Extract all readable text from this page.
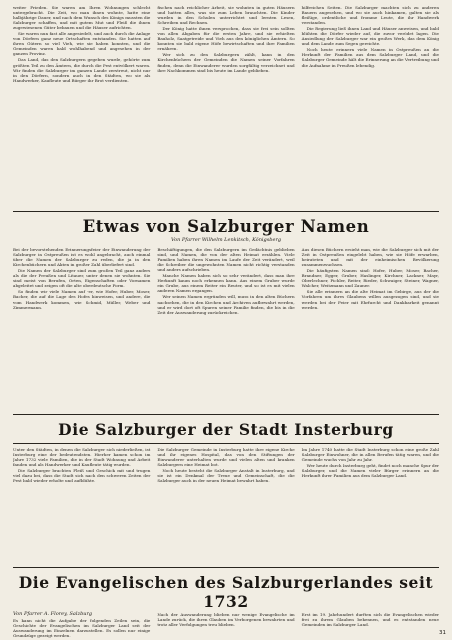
weiter Frieden. Sie waren am Ihren Wohnungen schlecht untergebracht. Die Zeit, wo man ihnen wohnte, hatte eine halbjährige Dauer, und nach dem Wunsch des Königs mussten die Salzburger schaffen, und mit gutem Mut und Fleiß die ihnen zugewiesenen Güter bebauen und die Häuser aufrichten.

Sie waren nun fast alle angesiedelt, und auch durch die Anlage von Dörfern ganz neue Ortschaften entstanden. Sie hatten auf ihren Gütern so viel Vieh, wie sie haben konnten, und die Gemeinden waren bald wohlhabend und angesehen in der ganzen Provinz.

Das Land, das den Salzburgern gegeben wurde, gehörte zum größten Teil zu den Ämtern, die durch die Pest entvölkert waren. Wir finden die Salzburger im ganzen Lande zerstreut, nicht nur in den Dörfern, sondern auch in den Städten, wo sie als Handwerker, Kaufleute und Bürger ihr Brot verdienten.

fischen nach reichlicher Arbeit, sie wohnten in guten Häusern und hatten alles, was sie zum Leben brauchten. Die Kinder wurden in den Schulen unterrichtet und lernten Lesen, Schreiben und Rechnen.

Der König hatte ihnen versprochen, dass sie frei sein sollten von allen Abgaben für die ersten Jahre, und sie erhielten Bauholz, Saatgetreide und Vieh aus den königlichen Ämtern. So konnten sie bald eigene Höfe bewirtschaften und ihre Familien ernähren.

Wer sich zu den Salzburgern zählt, kann in den Kirchenbüchern der Gemeinden die Namen seiner Vorfahren finden, denn die Einwanderer wurden sorgfältig verzeichnet und ihre Nachkommen sind bis heute im Lande geblieben.

hilfreichen Seiten. Die Salzburger machten sich zu anderen Bauern angesehen, und wo sie auch hinkamen, galten sie als fleißige, ordentliche und fromme Leute, die ihr Handwerk verstanden.

Die Regierung ließ ihnen Land und Häuser anweisen, und bald blühten die Dörfer wieder auf, die zuvor verödet lagen. Die Ansiedlung der Salzburger war ein großes Werk, das dem König und dem Lande zum Segen gereichte.

Noch heute erinnern viele Namen in Ostpreußen an die Herkunft der Familien aus dem Salzburger Land, und die Salzburger Gemeinde hält die Erinnerung an die Vertreibung und die Aufnahme in Preußen lebendig.

Etwas von Salzburger Namen
Von Pfarrer Wilhelm Lenkitsch, Königsberg

Bei der bevorstehenden Erinnerungsfeier der Einwanderung der Salzburger in Ostpreußen ist es wohl angebracht, auch einmal über die Namen der Salzburger zu reden, die ja in den Kirchenbüchern und Akten in großer Zahl überliefert sind.

Die Namen der Salzburger sind zum großen Teil ganz anders als die der Preußen und Litauer, unter denen sie wohnten. Sie sind meist von Berufen, Orten, Eigenschaften oder Vornamen abgeleitet und zeigen oft die alte oberdeutsche Form.

So finden wir viele Namen auf -er, wie Hofer, Huber, Moser, Bacher, die auf die Lage des Hofes hinweisen, und andere, die vom Handwerk kommen, wie Schmid, Müller, Weber und Zimmermann.

Beschäftigungen, die den Salzburgern im Gedächtnis geblieben sind, und Namen, die von der alten Heimat erzählen. Viele Familien haben ihren Namen im Laufe der Zeit verändert, weil die Schreiber die ungewohnten Namen nicht richtig verstanden und anders aufschrieben.

Manche Namen haben sich so sehr verändert, dass man ihre Herkunft kaum noch erkennen kann. Aus einem Gruber wurde ein Grube, aus einem Reiter ein Reuter, und so ist es mit vielen anderen Namen ergangen.

Wer seinen Namen ergründen will, muss in den alten Büchern nachsehen, die in den Kirchen und Archiven aufbewahrt werden, und er wird dort oft Spuren seiner Familie finden, die bis in die Zeit der Auswanderung zurückreichen.

Aus diesen Büchern ersieht man, wie die Salzburger sich mit der Zeit in Ostpreußen eingelebt haben, wie sie Höfe erwarben, heirateten und mit der einheimischen Bevölkerung zusammenwuchsen.

Die häufigsten Namen sind: Hofer, Huber, Moser, Bacher, Brandner, Egger, Gruber, Haslinger, Kirchner, Lackner, Mayr, Oberlechner, Pichler, Reiter, Rieder, Schwaiger, Steiner, Wagner, Walcher, Weitzmann und Zauner.

Sie alle erinnern an die alte Heimat im Gebirge, aus der die Vorfahren um ihres Glaubens willen ausgezogen sind, und sie werden bei der Feier mit Ehrfurcht und Dankbarkeit genannt werden.

Die Salzburger der Stadt Insterburg

Unter den Städten, in denen die Salzburger sich niederließen, ist Insterburg eine der bedeutendsten. Hierher kamen schon im Jahre 1732 viele Familien, die in der Stadt Wohnung und Arbeit fanden und als Handwerker und Kaufleute tätig wurden.

Die Salzburger brachten Fleiß und Geschick mit und trugen viel dazu bei, dass die Stadt sich nach den schweren Zeiten der Pest bald wieder erholte und aufblühte.

Die Salzburger Gemeinde in Insterburg hatte ihre eigene Kirche und ihr eigenes Hospital, das von den Stiftungen der Einwanderer unterhalten wurde und vielen alten und kranken Salzburgern eine Heimat bot.

Noch heute besteht die Salzburger Anstalt in Insterburg, und sie ist ein Denkmal der Treue und Gemeinschaft, die die Salzburger auch in der neuen Heimat bewahrt haben.

Im Jahre 1740 hatte die Stadt Insterburg schon eine große Zahl Salzburger Einwohner, die in allen Berufen tätig waren, und die Gemeinde wuchs von Jahr zu Jahr.

Wer heute durch Insterburg geht, findet noch manche Spur der Salzburger, und die Namen vieler Bürger erinnern an die Herkunft ihrer Familien aus dem Salzburger Land.

Die Evangelischen des Salzburgerlandes seit 1732
Von Pfarrer A. Florey, Salzburg

Es kann nicht die Aufgabe der folgenden Zeilen sein, die Geschichte der Evangelischen im Salzburger Land seit der Auswanderung im Einzelnen darzustellen. Es sollen nur einige Grundzüge gezeigt werden.

Nach der Auswanderung blieben nur wenige Evangelische im Lande zurück, die ihren Glauben im Verborgenen bewahrten und trotz aller Verfolgungen treu blieben.

Erst im 19. Jahrhundert durften sich die Evangelischen wieder frei zu ihrem Glauben bekennen, und es entstanden neue Gemeinden im Salzburger Land.

31
